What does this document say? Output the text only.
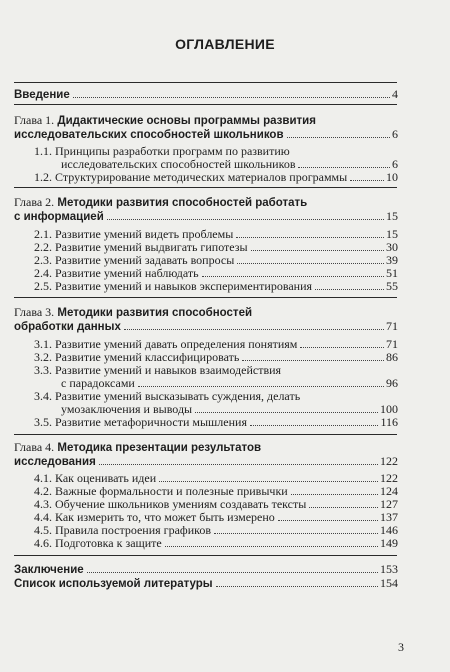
ОГЛАВЛЕНИЕ
Введение	4
Глава 1. Дидактические основы программы развития
исследовательских способностей школьников	6
1.1. Принципы разработки программ по развитию
исследовательских способностей школьников	6
1.2. Структурирование методических материалов программы	10
Глава 2. Методики развития способностей работать
с информацией	15
2.1. Развитие умений видеть проблемы	15
2.2. Развитие умений выдвигать гипотезы	30
2.3. Развитие умений задавать вопросы	39
2.4. Развитие умений наблюдать	51
2.5. Развитие умений и навыков экспериментирования	55
Глава 3. Методики развития способностей
обработки данных	71
3.1. Развитие умений давать определения понятиям	71
3.2. Развитие умений классифицировать	86
3.3. Развитие умений и навыков взаимодействия
с парадоксами	96
3.4. Развитие умений высказывать суждения, делать
умозаключения и выводы	100
3.5. Развитие метафоричности мышления	116
Глава 4. Методика презентации результатов
исследования	122
4.1. Как оценивать идеи	122
4.2. Важные формальности и полезные привычки	124
4.3. Обучение школьников умениям создавать тексты	127
4.4. Как измерить то, что может быть измерено	137
4.5. Правила построения графиков	146
4.6. Подготовка к защите	149
Заключение	153
Список используемой литературы	154
3
